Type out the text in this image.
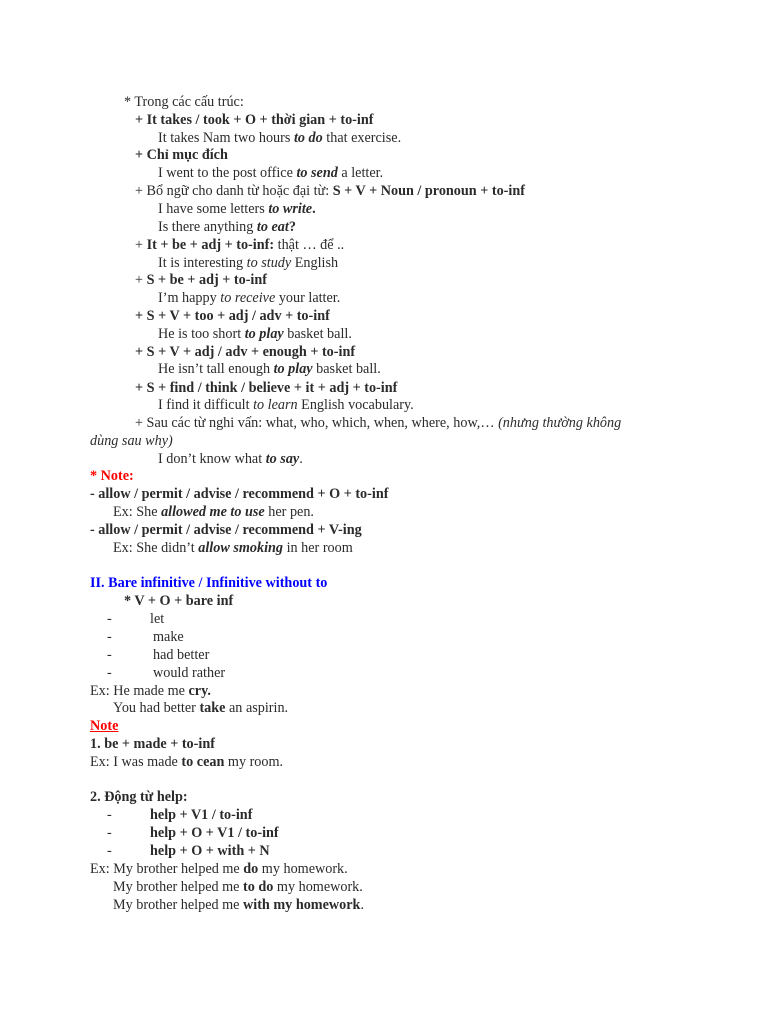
* Trong các cấu trúc:
+ It takes / took + O + thời gian + to-inf
It takes Nam two hours to do that exercise.
+ Chỉ mục đích
I went to the post office to send a letter.
+ Bổ ngữ cho danh từ hoặc đại từ: S + V + Noun / pronoun + to-inf
I have some letters to write.
Is there anything to eat?
+ It + be + adj + to-inf: thật … để ..
It is interesting to study English
+ S + be + adj + to-inf
I’m happy to receive your latter.
+ S + V + too + adj / adv + to-inf
He is too short to play basket ball.
+ S + V + adj / adv + enough + to-inf
He isn’t tall enough to play basket ball.
+ S + find / think / believe + it + adj + to-inf
I find it difficult to learn English vocabulary.
+ Sau các từ nghi vấn: what, who, which, when, where, how,… (nhưng thường không
dùng sau why)
I don’t know what to say.
* Note:
- allow / permit / advise / recommend + O + to-inf
Ex: She allowed me to use her pen.
- allow / permit / advise / recommend + V-ing
Ex: She didn’t allow smoking in her room
II. Bare infinitive / Infinitive without to
* V + O + bare inf
-	let
-	make
-	had better
-	would rather
Ex: He made me cry.
You had better take an aspirin.
Note
1. be + made + to-inf
Ex: I was made to cean my room.
2. Động từ help:
-	help + V1 / to-inf
-	help + O + V1 / to-inf
-	help + O + with + N
Ex: My brother helped me do my homework.
My brother helped me to do my homework.
My brother helped me with my homework.
